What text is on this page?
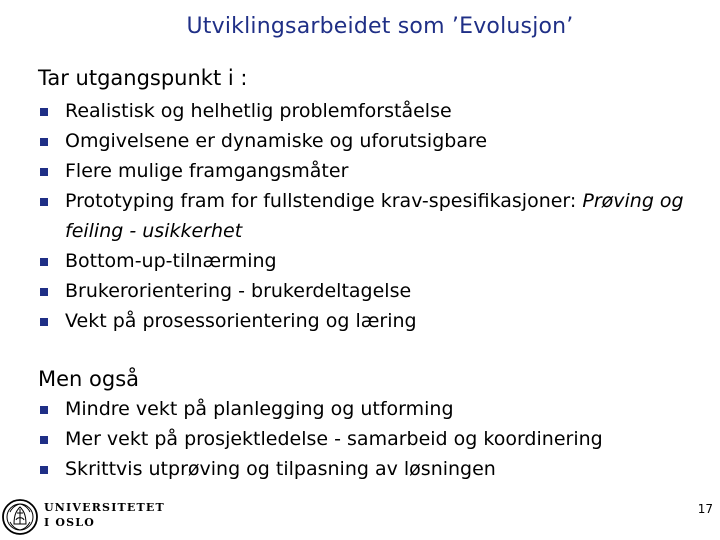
Utviklingsarbeidet som ’Evolusjon’
Tar utgangspunkt i :
Realistisk og helhetlig problemforståelse
Omgivelsene er dynamiske og uforutsigbare
Flere mulige framgangsmåter
Prototyping fram for fullstendige krav-spesifikasjoner: Prøving og feiling - usikkerhet
Bottom-up-tilnærming
Brukerorientering - brukerdeltagelse
Vekt på prosessorientering og læring
Men også
Mindre vekt på planlegging og utforming
Mer vekt på prosjektledelse - samarbeid og koordinering
Skrittvis utprøving og tilpasning av løsningen
UNIVERSITETET
I OSLO
17
